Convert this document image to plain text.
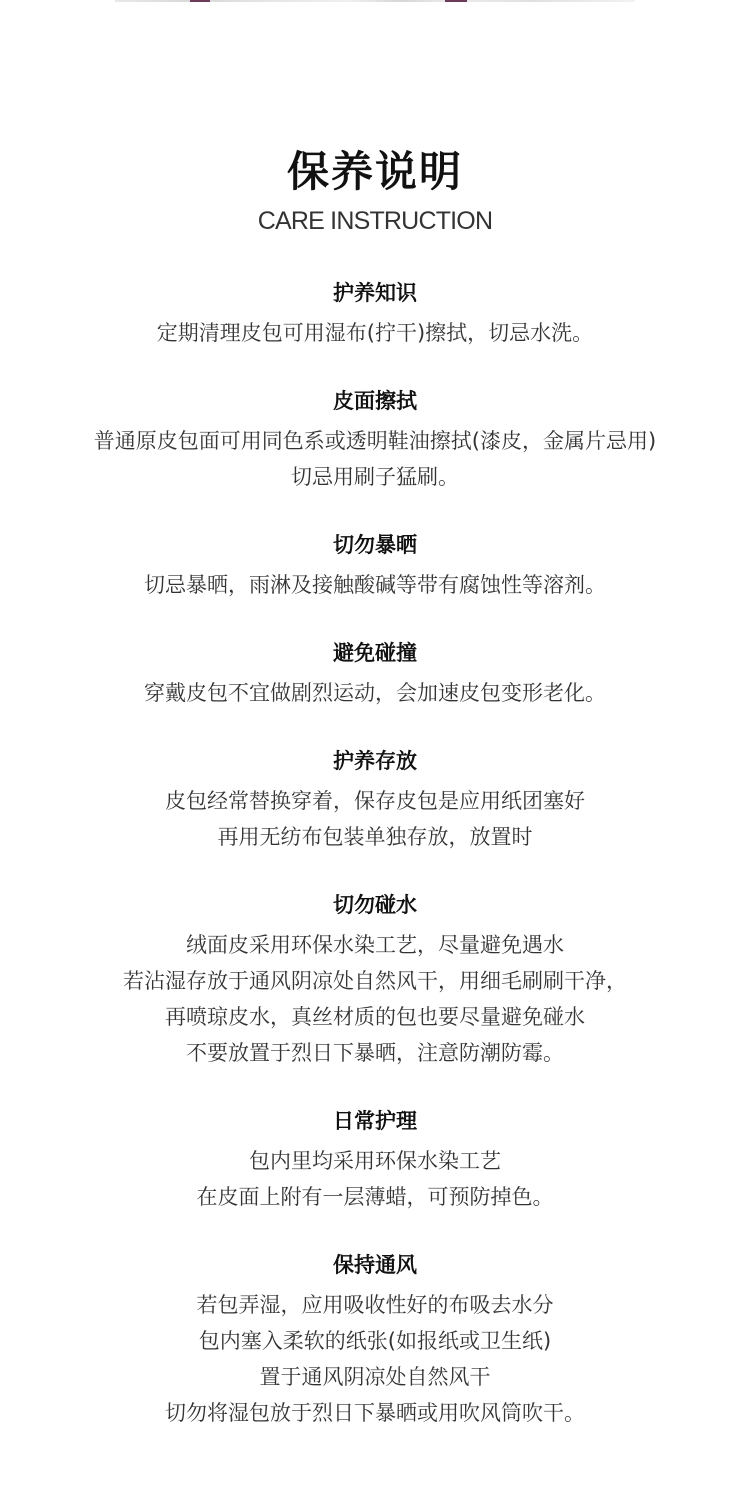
保养说明
CARE INSTRUCTION
护养知识
定期清理皮包可用湿布(拧干)擦拭，切忌水洗。
皮面擦拭
普通原皮包面可用同色系或透明鞋油擦拭(漆皮，金属片忌用)
切忌用刷子猛刷。
切勿暴晒
切忌暴晒，雨淋及接触酸碱等带有腐蚀性等溶剂。
避免碰撞
穿戴皮包不宜做剧烈运动，会加速皮包变形老化。
护养存放
皮包经常替换穿着，保存皮包是应用纸团塞好
再用无纺布包装单独存放，放置时
切勿碰水
绒面皮采用环保水染工艺，尽量避免遇水
若沾湿存放于通风阴凉处自然风干，用细毛刷刷干净，
再喷琼皮水，真丝材质的包也要尽量避免碰水
不要放置于烈日下暴晒，注意防潮防霉。
日常护理
包内里均采用环保水染工艺
在皮面上附有一层薄蜡，可预防掉色。
保持通风
若包弄湿，应用吸收性好的布吸去水分
包内塞入柔软的纸张(如报纸或卫生纸)
置于通风阴凉处自然风干
切勿将湿包放于烈日下暴晒或用吹风筒吹干。
